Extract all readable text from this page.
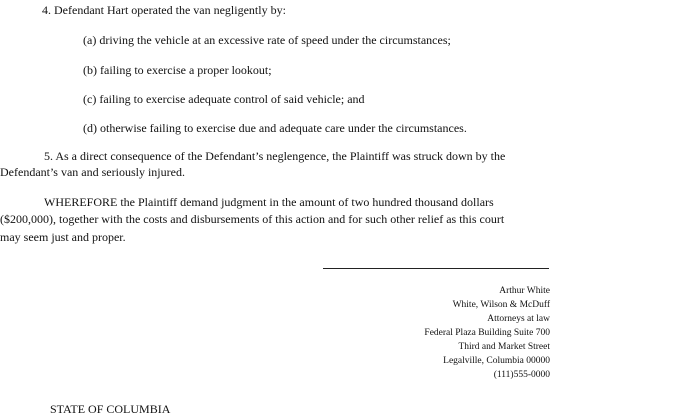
4. Defendant Hart operated the van negligently by:
(a) driving the vehicle at an excessive rate of speed under the circumstances;
(b) failing to exercise a proper lookout;
(c) failing to exercise adequate control of said vehicle; and
(d) otherwise failing to exercise due and adequate care under the circumstances.
5. As a direct consequence of the Defendant’s neglengence, the Plaintiff was struck down by the
Defendant’s van and seriously injured.
WHEREFORE the Plaintiff demand judgment in the amount of two hundred thousand dollars
($200,000), together with the costs and disbursements of this action and for such other relief as this court
may seem just and proper.
Arthur White
White, Wilson & McDuff
Attorneys at law
Federal Plaza Building Suite 700
Third and Market Street
Legalville, Columbia 00000
(111)555-0000
STATE OF COLUMBIA
